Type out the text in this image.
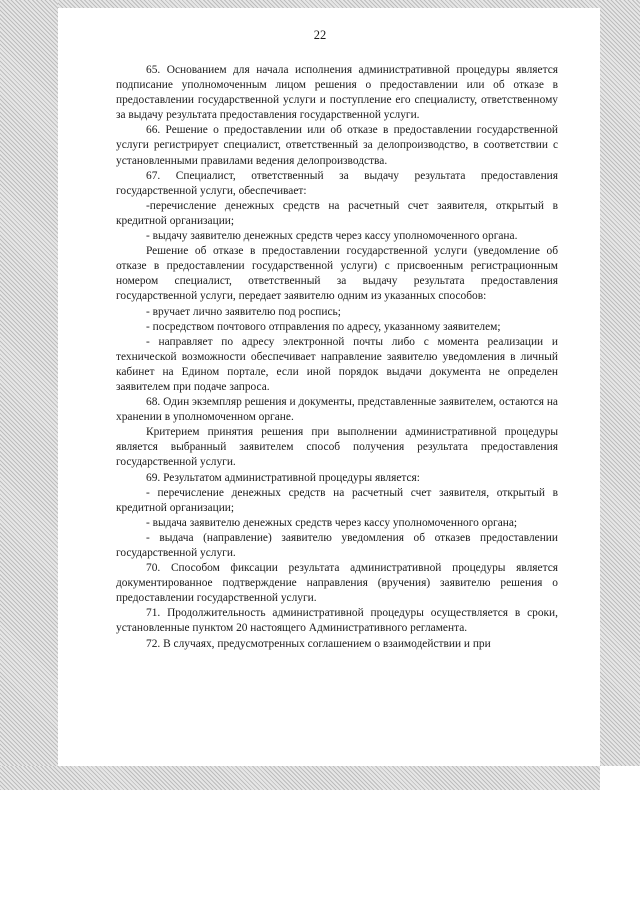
22

65. Основанием для начала исполнения административной процедуры является подписание уполномоченным лицом решения о предоставлении или об отказе в предоставлении государственной услуги и поступление его специалисту, ответственному за выдачу результата предоставления государственной услуги.

66. Решение о предоставлении или об отказе в предоставлении государственной услуги регистрирует специалист, ответственный за делопроизводство, в соответствии с установленными правилами ведения делопроизводства.

67. Специалист, ответственный за выдачу результата предоставления государственной услуги, обеспечивает:

-перечисление денежных средств на расчетный счет заявителя, открытый в кредитной организации;

- выдачу заявителю денежных средств через кассу уполномоченного органа.

Решение об отказе в предоставлении государственной услуги (уведомление об отказе в предоставлении государственной услуги) с присвоенным регистрационным номером специалист, ответственный за выдачу результата предоставления государственной услуги, передает заявителю одним из указанных способов:

- вручает лично заявителю под роспись;

- посредством почтового отправления по адресу, указанному заявителем;

- направляет по адресу электронной почты либо с момента реализации и технической возможности обеспечивает направление заявителю уведомления в личный кабинет на Едином портале, если иной порядок выдачи документа не определен заявителем при подаче запроса.

68. Один экземпляр решения и документы, представленные заявителем, остаются на хранении в уполномоченном органе.

Критерием принятия решения при выполнении административной процедуры является выбранный заявителем способ получения результата предоставления государственной услуги.

69. Результатом административной процедуры является:

- перечисление денежных средств на расчетный счет заявителя, открытый в кредитной организации;

- выдача заявителю денежных средств через кассу уполномоченного органа;

- выдача (направление) заявителю уведомления об отказев предоставлении государственной услуги.

70. Способом фиксации результата административной процедуры является документированное подтверждение направления (вручения) заявителю решения о предоставлении государственной услуги.

71. Продолжительность административной процедуры осуществляется в сроки, установленные пунктом 20 настоящего Административного регламента.

72. В случаях, предусмотренных соглашением о взаимодействии и при
